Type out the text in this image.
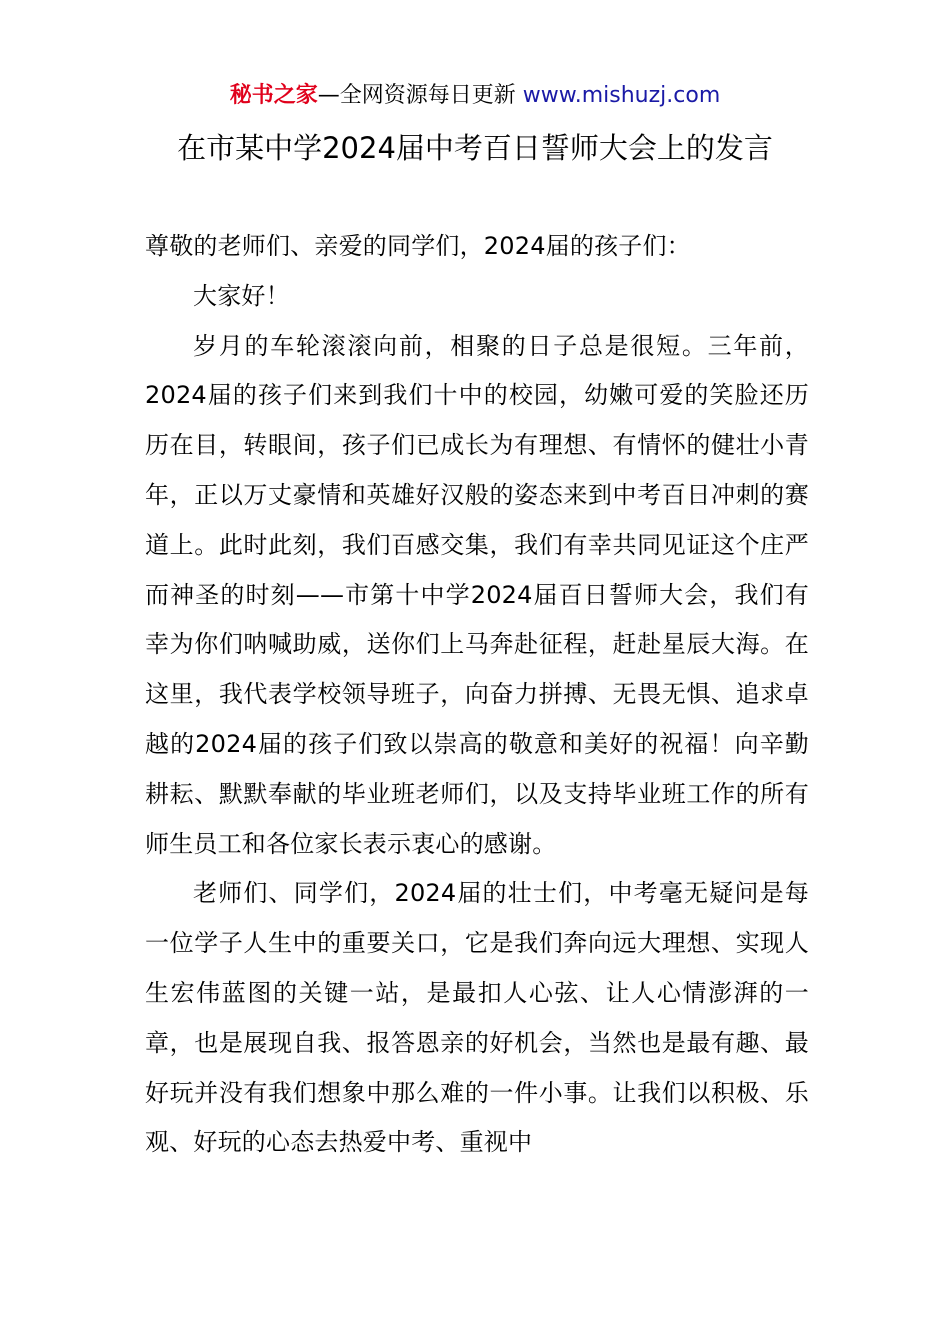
秘书之家—全网资源每日更新 www.mishuzj.com
在市某中学2024届中考百日誓师大会上的发言

尊敬的老师们、亲爱的同学们，2024届的孩子们：

大家好！

岁月的车轮滚滚向前，相聚的日子总是很短。三年前，2024届的孩子们来到我们十中的校园，幼嫩可爱的笑脸还历历在目，转眼间，孩子们已成长为有理想、有情怀的健壮小青年，正以万丈豪情和英雄好汉般的姿态来到中考百日冲刺的赛道上。此时此刻，我们百感交集，我们有幸共同见证这个庄严而神圣的时刻——市第十中学2024届百日誓师大会，我们有幸为你们呐喊助威，送你们上马奔赴征程，赶赴星辰大海。在这里，我代表学校领导班子，向奋力拼搏、无畏无惧、追求卓越的2024届的孩子们致以崇高的敬意和美好的祝福！向辛勤耕耘、默默奉献的毕业班老师们，以及支持毕业班工作的所有师生员工和各位家长表示衷心的感谢。

老师们、同学们，2024届的壮士们，中考毫无疑问是每一位学子人生中的重要关口，它是我们奔向远大理想、实现人生宏伟蓝图的关键一站，是最扣人心弦、让人心情澎湃的一章，也是展现自我、报答恩亲的好机会，当然也是最有趣、最好玩并没有我们想象中那么难的一件小事。让我们以积极、乐观、好玩的心态去热爱中考、重视中
